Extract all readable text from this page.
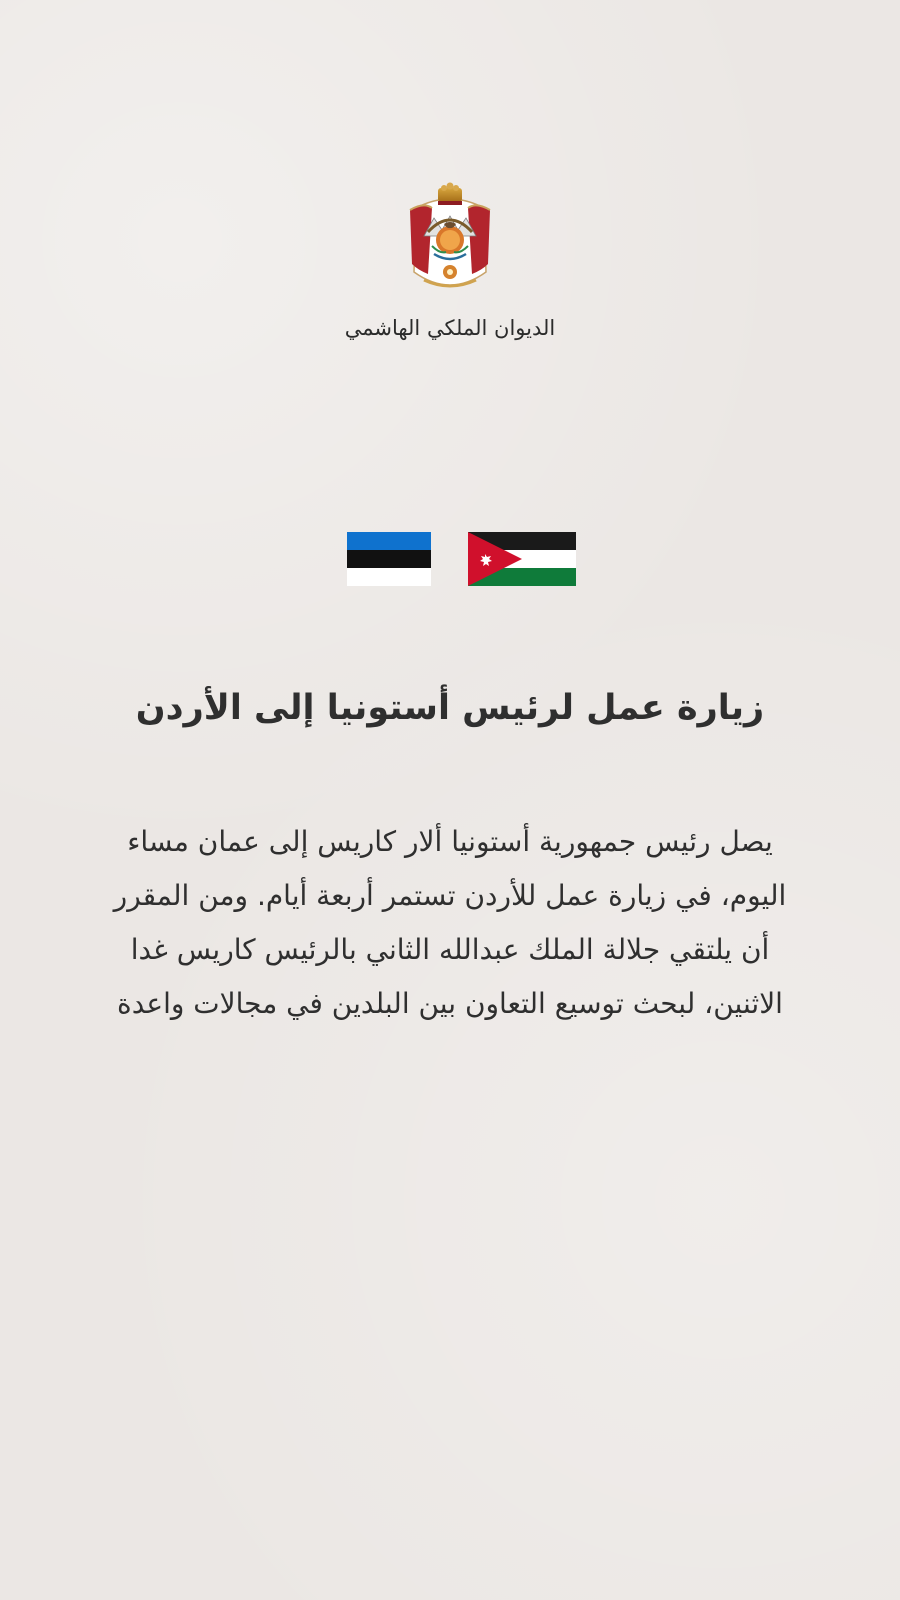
الديوان الملكي الهاشمي
زيارة عمل لرئيس أستونيا إلى الأردن

يصل رئيس جمهورية أستونيا ألار كاريس إلى عمان مساء اليوم، في زيارة عمل للأردن تستمر أربعة أيام. ومن المقرر أن يلتقي جلالة الملك عبدالله الثاني بالرئيس كاريس غدا الاثنين، لبحث توسيع التعاون بين البلدين في مجالات واعدة
